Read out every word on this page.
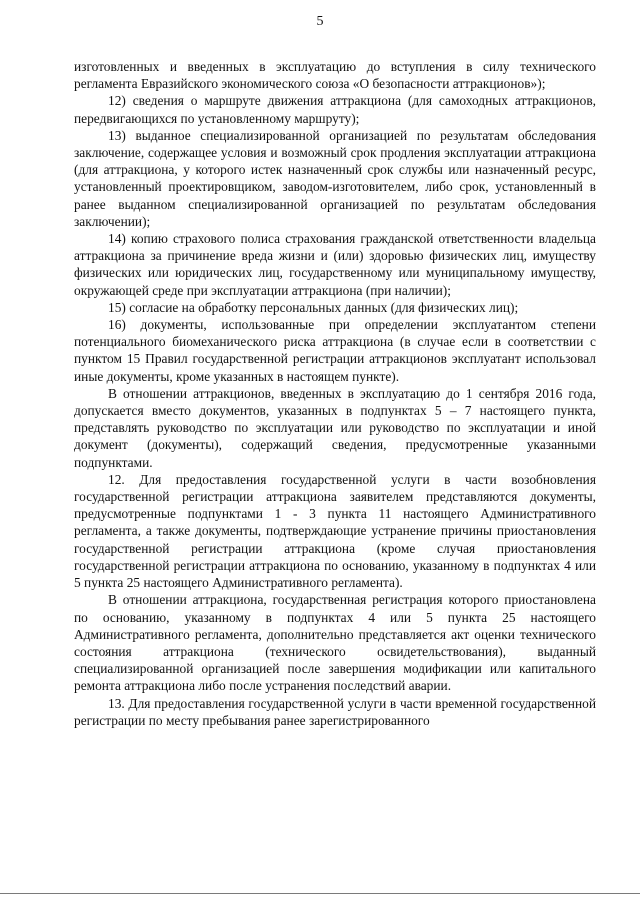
5

изготовленных и введенных в эксплуатацию до вступления в силу технического регламента Евразийского экономического союза «О безопасности аттракционов»);

12) сведения о маршруте движения аттракциона (для самоходных аттракционов, передвигающихся по установленному маршруту);

13) выданное специализированной организацией по результатам обследования заключение, содержащее условия и возможный срок продления эксплуатации аттракциона (для аттракциона, у которого истек назначенный срок службы или назначенный ресурс, установленный проектировщиком, заводом-изготовителем, либо срок, установленный в ранее выданном специализированной организацией по результатам обследования заключении);

14) копию страхового полиса страхования гражданской ответственности владельца аттракциона за причинение вреда жизни и (или) здоровью физических лиц, имуществу физических или юридических лиц, государственному или муниципальному имуществу, окружающей среде при эксплуатации аттракциона (при наличии);

15) согласие на обработку персональных данных (для физических лиц);

16) документы, использованные при определении эксплуатантом степени потенциального биомеханического риска аттракциона (в случае если в соответствии с пунктом 15 Правил государственной регистрации аттракционов эксплуатант использовал иные документы, кроме указанных в настоящем пункте).

В отношении аттракционов, введенных в эксплуатацию до 1 сентября 2016 года, допускается вместо документов, указанных в подпунктах 5 – 7 настоящего пункта, представлять руководство по эксплуатации или руководство по эксплуатации и иной документ (документы), содержащий сведения, предусмотренные указанными подпунктами.

12. Для предоставления государственной услуги в части возобновления государственной регистрации аттракциона заявителем представляются документы, предусмотренные подпунктами 1 - 3 пункта 11 настоящего Административного регламента, а также документы, подтверждающие устранение причины приостановления государственной регистрации аттракциона (кроме случая приостановления государственной регистрации аттракциона по основанию, указанному в подпунктах 4 или 5 пункта 25 настоящего Административного регламента).

В отношении аттракциона, государственная регистрация которого приостановлена по основанию, указанному в подпунктах 4 или 5 пункта 25 настоящего Административного регламента, дополнительно представляется акт оценки технического состояния аттракциона (технического освидетельствования), выданный специализированной организацией после завершения модификации или капитального ремонта аттракциона либо после устранения последствий аварии.

13. Для предоставления государственной услуги в части временной государственной регистрации по месту пребывания ранее зарегистрированного
